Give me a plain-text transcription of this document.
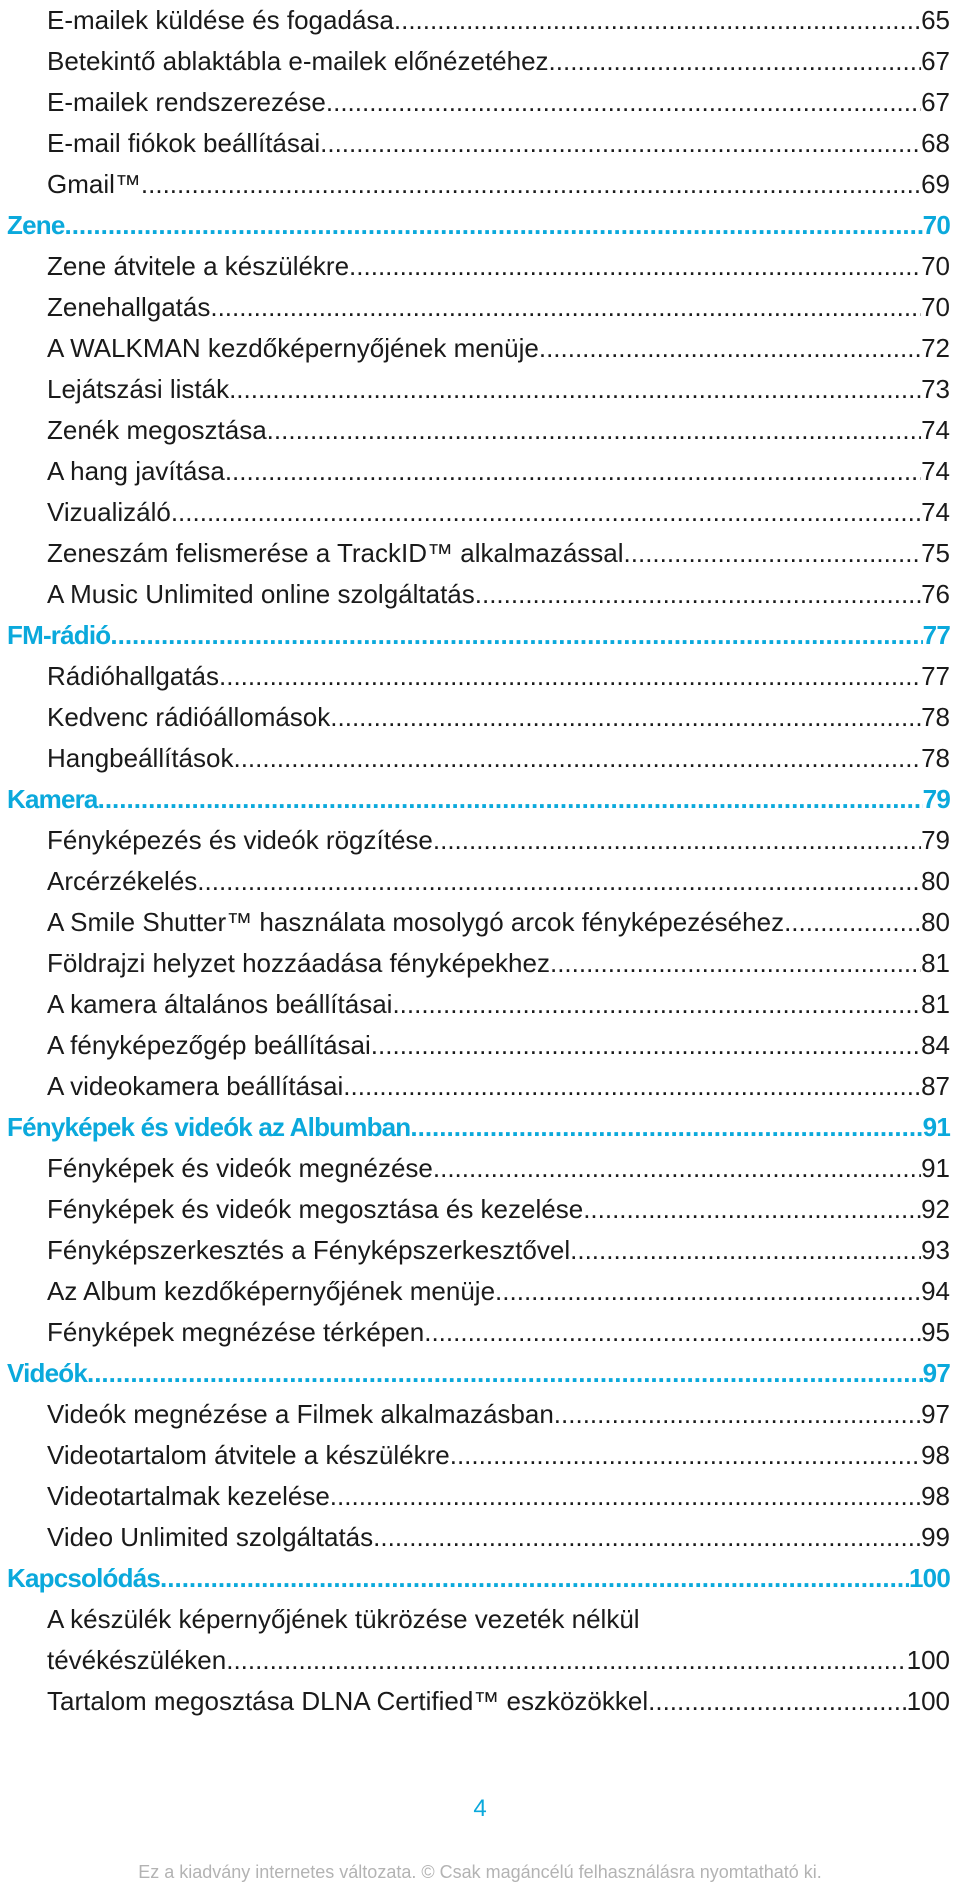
E-mailek küldése és fogadása .....	65
Betekintő ablaktábla e-mailek előnézetéhez .....	67
E-mailek rendszerezése .....	67
E-mail fiókok beállításai .....	68
Gmail™ .....	69
Zene .....	70
Zene átvitele a készülékre .....	70
Zenehallgatás .....	70
A WALKMAN kezdőképernyőjének menüje .....	72
Lejátszási listák .....	73
Zenék megosztása .....	74
A hang javítása .....	74
Vizualizáló .....	74
Zeneszám felismerése a TrackID™ alkalmazással .....	75
A Music Unlimited online szolgáltatás .....	76
FM-rádió .....	77
Rádióhallgatás .....	77
Kedvenc rádióállomások .....	78
Hangbeállítások .....	78
Kamera .....	79
Fényképezés és videók rögzítése .....	79
Arcérzékelés .....	80
A Smile Shutter™ használata mosolygó arcok fényképezéséhez .....	80
Földrajzi helyzet hozzáadása fényképekhez .....	81
A kamera általános beállításai .....	81
A fényképezőgép beállításai .....	84
A videokamera beállításai .....	87
Fényképek és videók az Albumban .....	91
Fényképek és videók megnézése .....	91
Fényképek és videók megosztása és kezelése .....	92
Fényképszerkesztés a Fényképszerkesztővel .....	93
Az Album kezdőképernyőjének menüje .....	94
Fényképek megnézése térképen .....	95
Videók .....	97
Videók megnézése a Filmek alkalmazásban .....	97
Videotartalom átvitele a készülékre .....	98
Videotartalmak kezelése .....	98
Video Unlimited szolgáltatás .....	99
Kapcsolódás .....	100
A készülék képernyőjének tükrözése vezeték nélkül
tévékészüléken .....	100
Tartalom megosztása DLNA Certified™ eszközökkel .....	100
4
Ez a kiadvány internetes változata. © Csak magáncélú felhasználásra nyomtatható ki.
